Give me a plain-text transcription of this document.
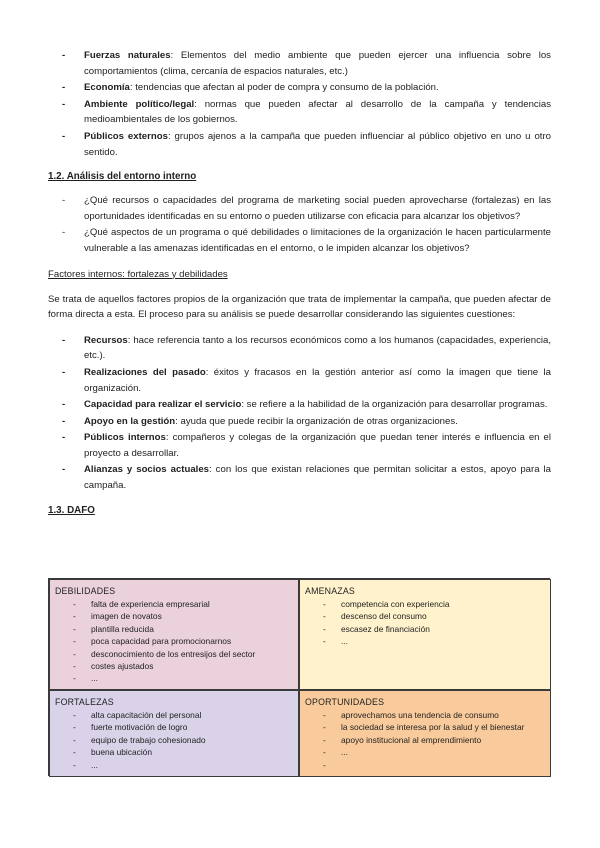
- Fuerzas naturales: Elementos del medio ambiente que pueden ejercer una influencia sobre los comportamientos (clima, cercanía de espacios naturales, etc.)
- Economía: tendencias que afectan al poder de compra y consumo de la población.
- Ambiente político/legal: normas que pueden afectar al desarrollo de la campaña y tendencias medioambientales de los gobiernos.
- Públicos externos: grupos ajenos a la campaña que pueden influenciar al público objetivo en uno u otro sentido.

1.2. Análisis del entorno interno

- ¿Qué recursos o capacidades del programa de marketing social pueden aprovecharse (fortalezas) en las oportunidades identificadas en su entorno o pueden utilizarse con eficacia para alcanzar los objetivos?
- ¿Qué aspectos de un programa o qué debilidades o limitaciones de la organización le hacen particularmente vulnerable a las amenazas identificadas en el entorno, o le impiden alcanzar los objetivos?

Factores internos: fortalezas y debilidades

Se trata de aquellos factores propios de la organización que trata de implementar la campaña, que pueden afectar de forma directa a esta. El proceso para su análisis se puede desarrollar considerando las siguientes cuestiones:

- Recursos: hace referencia tanto a los recursos económicos como a los humanos (capacidades, experiencia, etc.).
- Realizaciones del pasado: éxitos y fracasos en la gestión anterior así como la imagen que tiene la organización.
- Capacidad para realizar el servicio: se refiere a la habilidad de la organización para desarrollar programas.
- Apoyo en la gestión: ayuda que puede recibir la organización de otras organizaciones.
- Públicos internos: compañeros y colegas de la organización que puedan tener interés e influencia en el proyecto a desarrollar.
- Alianzas y socios actuales: con los que existan relaciones que permitan solicitar a estos, apoyo para la campaña.

1.3. DAFO

DEBILIDADES

- falta de experiencia empresarial
- imagen de novatos
- plantilla reducida
- poca capacidad para promocionarnos
- desconocimiento de los entresijos del sector
- costes ajustados
- ...

AMENAZAS

- competencia con experiencia
- descenso del consumo
- escasez de financiación
- ...

FORTALEZAS

- alta capacitación del personal
- fuerte motivación de logro
- equipo de trabajo cohesionado
- buena ubicación
- ...

OPORTUNIDADES

- aprovechamos una tendencia de consumo
- la sociedad se interesa por la salud y el bienestar
- apoyo institucional al emprendimiento
- ...
-
